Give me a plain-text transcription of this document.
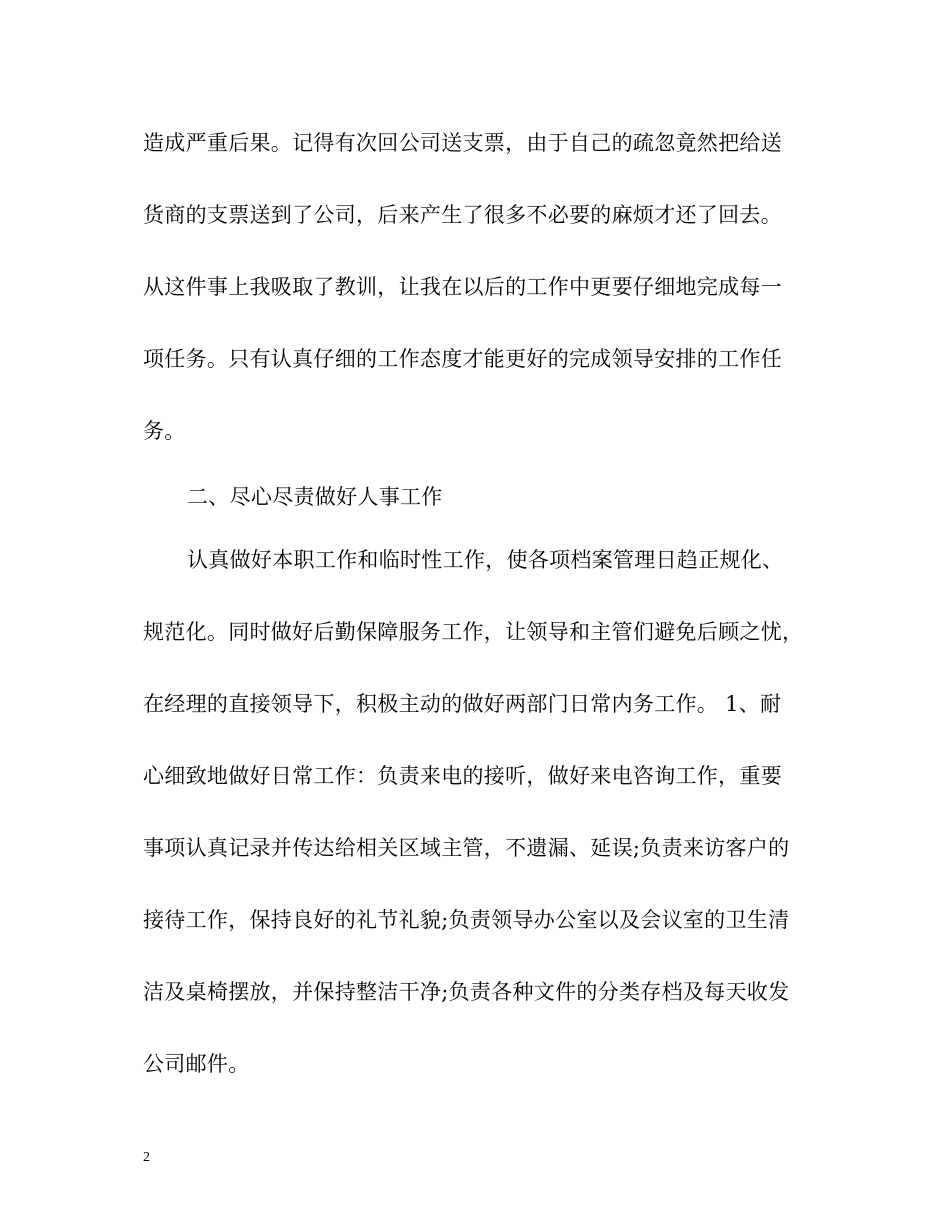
造成严重后果。记得有次回公司送支票，由于自己的疏忽竟然把给送
货商的支票送到了公司，后来产生了很多不必要的麻烦才还了回去。
从这件事上我吸取了教训，让我在以后的工作中更要仔细地完成每一
项任务。只有认真仔细的工作态度才能更好的完成领导安排的工作任
务。
二、尽心尽责做好人事工作
认真做好本职工作和临时性工作，使各项档案管理日趋正规化、
规范化。同时做好后勤保障服务工作，让领导和主管们避免后顾之忧，
在经理的直接领导下，积极主动的做好两部门日常内务工作。 1、耐
心细致地做好日常工作：负责来电的接听，做好来电咨询工作，重要
事项认真记录并传达给相关区域主管，不遗漏、延误;负责来访客户的
接待工作，保持良好的礼节礼貌;负责领导办公室以及会议室的卫生清
洁及桌椅摆放，并保持整洁干净;负责各种文件的分类存档及每天收发
公司邮件。
2
